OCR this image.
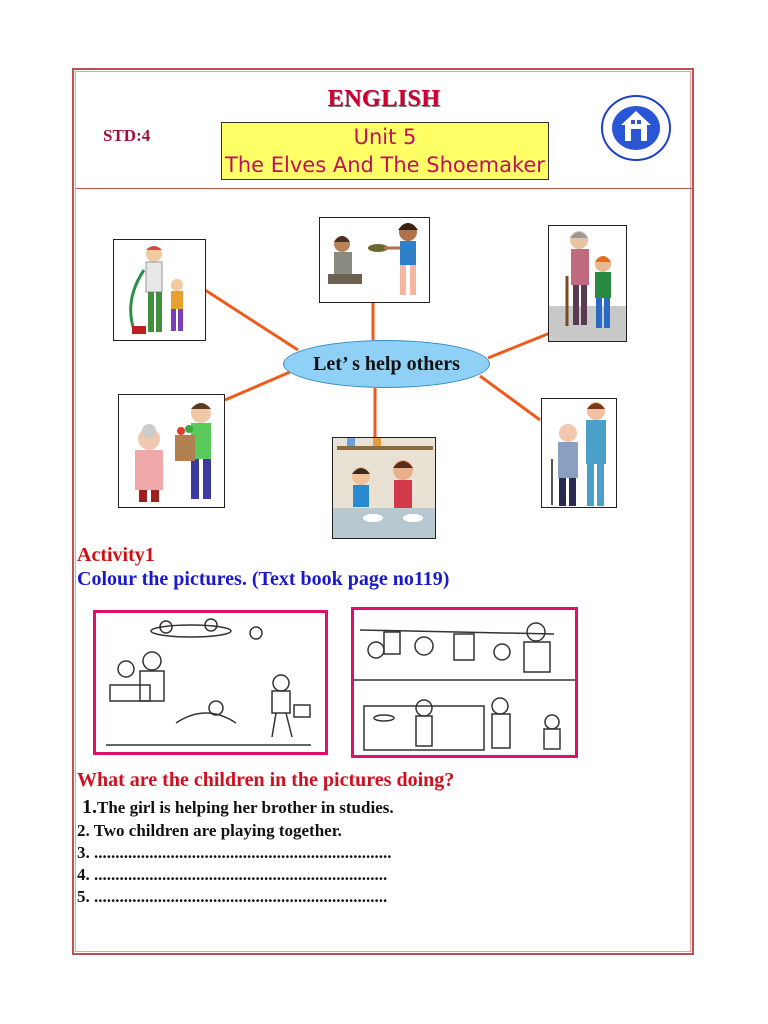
ENGLISH
STD:4	Unit 5
The Elves And The Shoemaker
Let’ s help others
Activity1
Colour the pictures. (Text book page no119)
What are the children in the pictures doing?
1.The girl is helping her brother in studies.
2. Two children are playing together.
3. ......................................................................
4. .....................................................................
5. .....................................................................
